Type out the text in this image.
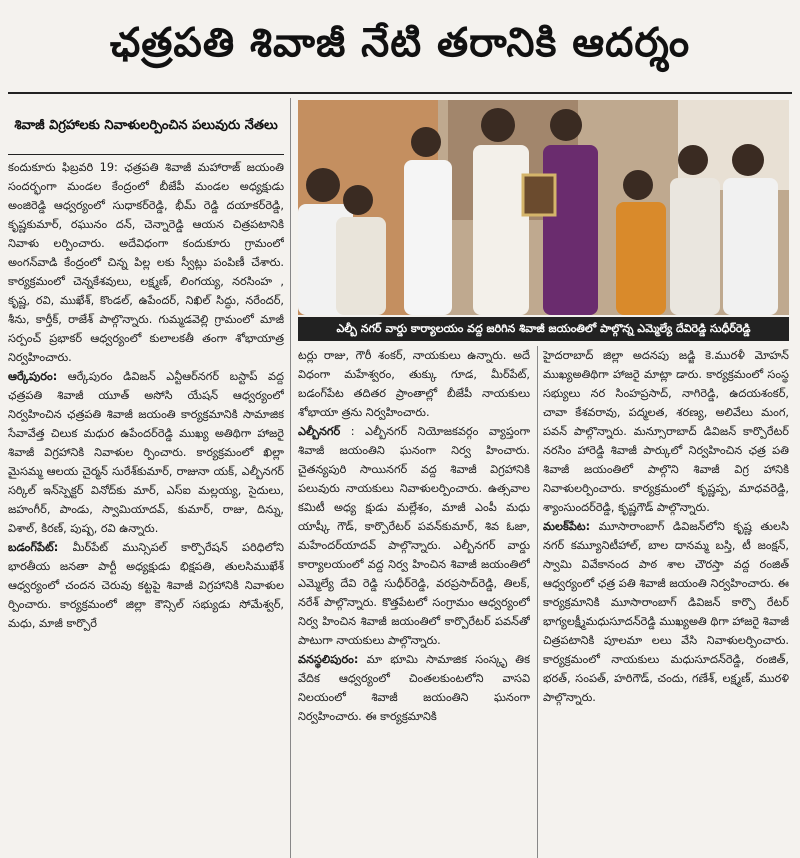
ఛత్రపతి శివాజీ నేటి తరానికి ఆదర్శం
శివాజీ విగ్రహాలకు నివాళులర్పించిన పలువురు నేతలు
ఎల్బీ నగర్ వార్డు కార్యాలయం వద్ద జరిగిన శివాజీ జయంతిలో పాల్గొన్న ఎమ్మెల్యే దేవిరెడ్డి సుధీర్‌రెడ్డి

కందుకూరు ఫిబ్రవరి 19: ఛత్రపతి శివాజీ మహారాజ్ జయంతి సందర్భంగా మండల కేంద్రంలో బీజేపీ మండల అధ్యక్షుడు అంజిరెడ్డి ఆధ్వర్యంలో సుధాకర్‌రెడ్డి, భీమ్ రెడ్డి దయాకర్‌రెడ్డి, కృష్ణకుమార్, రఘునం దన్, చెన్నారెడ్డి ఆయన చిత్రపటానికి నివాళు లర్పించారు. అదేవిధంగా కందుకూరు గ్రామంలో అంగన్‌వాడి కేంద్రంలో చిన్న పిల్ల లకు స్వీట్లు పంపిణీ చేశారు. కార్యక్రమంలో చెన్నకేశవులు, లక్ష్మణ్, లింగయ్య, నరసింహ , కృష్ణ, రవి, ముఖేశ్, కొండల్, ఉపేందర్, నిఖిల్ సిద్ధు, నరేందర్, శీను, కార్తీక్, రాజేశ్ పాల్గొన్నారు. గుమ్మడవెల్లి గ్రామంలో మాజీ సర్పంచ్ ప్రభాకర్ ఆధ్వర్యంలో కులాలకతీ తంగా శోభాయాత్ర నిర్వహించారు.

ఆర్కేపురం: ఆర్కేపురం డివిజన్ ఎన్టీఆర్‌నగర్ బస్టాప్ వద్ద ఛత్రపతి శివాజీ యూత్ అసోసి యేషన్ ఆధ్వర్యంలో నిర్వహించిన ఛత్రపతి శివాజీ జయంతి కార్యక్రమానికి సామాజిక సేవావేత్త చిలుక మధుర ఉపేందర్‌రెడ్డి ముఖ్య అతిథిగా హాజరై శివాజీ విగ్రహానికి నివాళుల ర్పించారు. కార్యక్రమంలో ఖిల్లా మైసమ్మ ఆలయ చైర్మన్ సురేశ్‌కుమార్, రాజునా యక్, ఎల్బీనగర్ సర్కిల్ ఇన్‌స్పెక్టర్ వినోద్‌కు మార్, ఎస్ఐ మల్లయ్య, సైదులు, జహంగీర్, పాండు, స్వామియాదవ్, కుమార్, రాజు, దిన్ను, విశాల్, కిరణ్, పుష్ప, రవి ఉన్నారు.

బడంగ్‌పేట్: మీర్‌పేట్ మున్సిపల్ కార్పొరేషన్ పరిధిలోని భారతీయ జనతా పార్టీ అధ్యక్షుడు భిక్షపతి, తులసిముఖేశ్ ఆధ్వర్యంలో చందన చెరువు కట్టపై శివాజీ విగ్రహానికి నివాళుల ర్పించారు. కార్యక్రమంలో జిల్లా కౌన్సిల్ సభ్యుడు సోమేశ్వర్, మధు, మాజీ కార్పొరే

టర్లు రాజు, గౌరీ శంకర్, నాయకులు ఉన్నారు. అదే విధంగా మహేశ్వరం, తుక్కు గూడ, మీర్‌పేట్, బడంగ్‌పేట తదితర ప్రాంతాల్లో బీజేపీ నాయకులు శోభాయా త్రను నిర్వహించారు.

ఎల్బీనగర్ : ఎల్బీనగర్ నియోజకవర్గం వ్యాప్తంగా శివాజీ జయంతిని ఘనంగా నిర్వ హించారు. చైతన్యపురి సాయినగర్ వద్ద శివాజీ విగ్రహానికి పలువురు నాయకులు నివాళులర్పించారు. ఉత్సవాల కమిటీ అధ్య క్షుడు మల్లేశం, మాజీ ఎంపీ మధు యాష్కీ గౌడ్, కార్పొరేటర్ పవన్‌కుమార్, శివ ఓజా, మహేందర్‌యాదవ్ పాల్గొన్నారు. ఎల్బీనగర్ వార్డు కార్యాలయంలో వద్ద నిర్వ హించిన శివాజీ జయంతిలో ఎమ్మెల్యే దేవి రెడ్డి సుధీర్‌రెడ్డి, వరప్రసాద్‌రెడ్డి, తిలక్, నరేశ్ పాల్గొన్నారు. కొత్తపేటలో సంగ్రామం ఆధ్వర్యంలో నిర్వ హించిన శివాజీ జయంతిలో కార్పొరేటర్ పవన్‌తో పాటుగా నాయకులు పాల్గొన్నారు.

వనస్థలిపురం: మా భూమి సామాజిక సంస్కృ తిక వేదిక ఆధ్వర్యంలో చింతలకుంటలోని వాసవి నిలయంలో శివాజీ జయంతిని ఘనంగా నిర్వహించారు. ఈ కార్యక్రమానికి

హైదరాబాద్ జిల్లా అదనపు జడ్జి కె.మురళీ మోహన్ ముఖ్యఅతిథిగా హాజరై మాట్లా డారు. కార్యక్రమంలో సంస్థ సభ్యులు నర సింహప్రసాద్, నాగిరెడ్డి, ఉదయశంకర్, చావా కేశవరావు, పద్మలత, శరణ్య, అలివేలు మంగ, పవన్ పాల్గొన్నారు. మన్సూరాబాద్ డివిజన్ కార్పొరేటర్ నరసిం హారెడ్డి శివాజీ పార్కులో నిర్వహించిన ఛత్ర పతి శివాజీ జయంతిలో పాల్గొని శివాజీ విగ్ర హానికి నివాళులర్పించారు. కార్యక్రమంలో కృష్ణప్ప, మాధవరెడ్డి, శ్యాంసుందర్‌రెడ్డి, కృష్ణగౌడ్ పాల్గొన్నారు.

మలక్‌పేట: మూసారాంబాగ్ డివిజన్‌లోని కృష్ణ తులసి నగర్ కమ్యూనిటీహాల్, బాల దానమ్మ బస్తి, టీ జంక్షన్, స్వామి వివేకానంద పాఠ శాల చౌరస్తా వద్ద రంజిత్ ఆధ్వర్యంలో ఛత్ర పతి శివాజీ జయంతి నిర్వహించారు. ఈ కార్యక్రమానికి మూసారాంబాగ్ డివిజన్ కార్పొ రేటర్ భాగ్యలక్ష్మీమధుసూదన్‌రెడ్డి ముఖ్యఅతి థిగా హాజరై శివాజీ చిత్రపటానికి పూలమా లలు వేసి నివాళులర్పించారు. కార్యక్రమంలో నాయకులు మధుసూదన్‌రెడ్డి, రంజిత్, భరత్, సంపత్, హరిగౌడ్, చందు, గణేశ్, లక్ష్మణ్, మురళి పాల్గొన్నారు.
